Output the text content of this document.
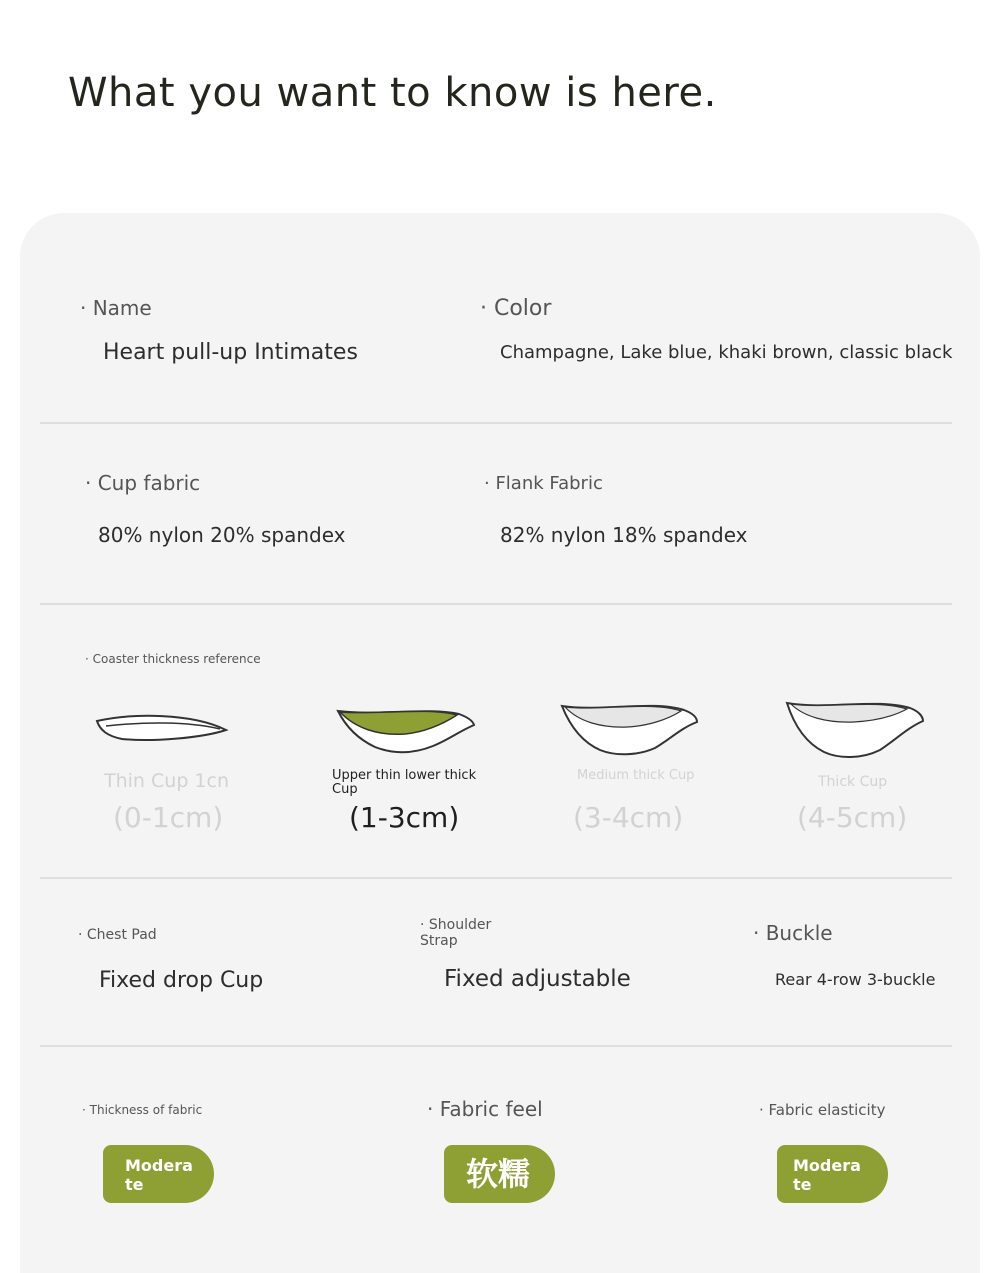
What you want to know is here.
· Name
Heart pull-up Intimates
· Color
Champagne, Lake blue, khaki brown, classic black
· Cup fabric
80% nylon 20% spandex
· Flank Fabric
82% nylon 18% spandex
· Coaster thickness reference
Thin Cup 1cn
(0-1cm)
Upper thin lower thick Cup
(1-3cm)
Medium thick Cup
(3-4cm)
Thick Cup
(4-5cm)
· Chest Pad
Fixed drop Cup
· Shoulder Strap
Fixed adjustable
· Buckle
Rear 4-row 3-buckle
· Thickness of fabric
Moderate
· Fabric feel
软糯
· Fabric elasticity
Moderate
